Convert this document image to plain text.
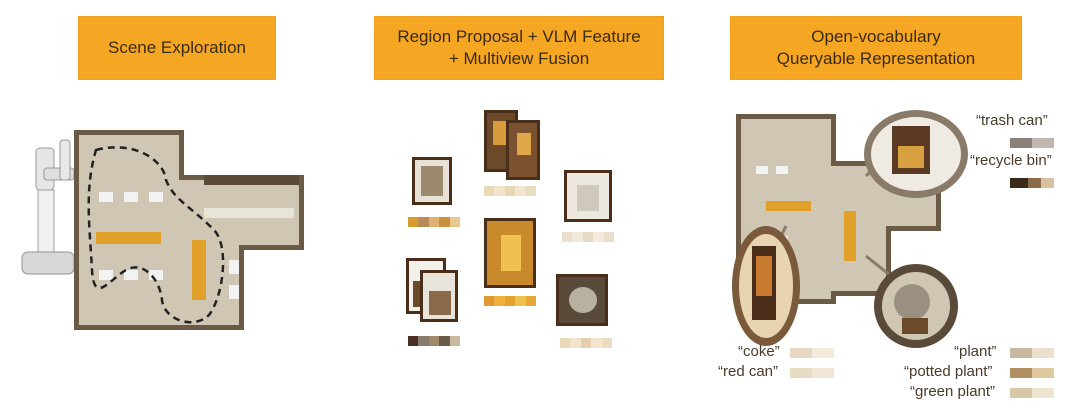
Scene Exploration
Region Proposal + VLM Feature
+ Multiview Fusion
Open-vocabulary
Queryable Representation
“trash can”
“recycle bin”
“coke”
“red can”
“plant”
“potted plant”
“green plant”
